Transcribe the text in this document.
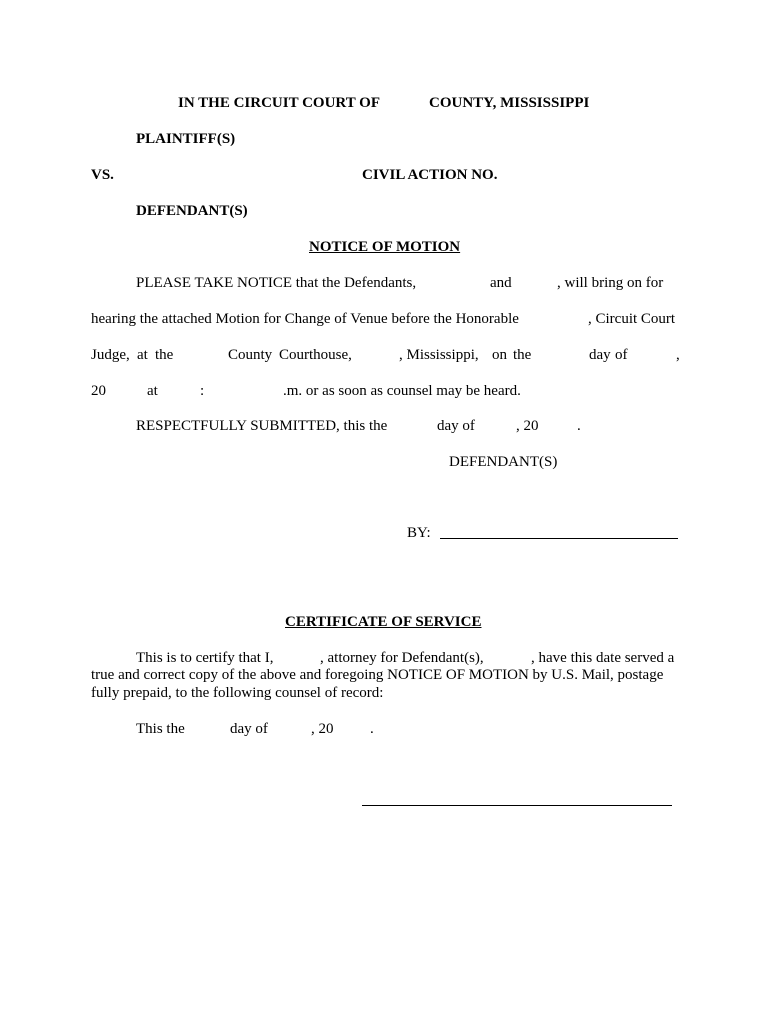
IN THE CIRCUIT COURT OF	COUNTY, MISSISSIPPI
PLAINTIFF(S)
VS.	CIVIL ACTION NO.
DEFENDANT(S)
NOTICE OF MOTION
PLEASE TAKE NOTICE that the Defendants,	and	, will bring on for
hearing the attached Motion for Change of Venue before the Honorable	, Circuit Court
Judge, at the	County Courthouse,	, Mississippi, on the	day of	,
20	at	:	.m. or as soon as counsel may be heard.
RESPECTFULLY SUBMITTED, this the	day of	, 20	.
DEFENDANT(S)
BY:
CERTIFICATE OF SERVICE
This is to certify that I,	, attorney for Defendant(s),	, have this date served a
true and correct copy of the above and foregoing NOTICE OF MOTION by U.S. Mail, postage
fully prepaid, to the following counsel of record:
This the	day of	, 20 .
